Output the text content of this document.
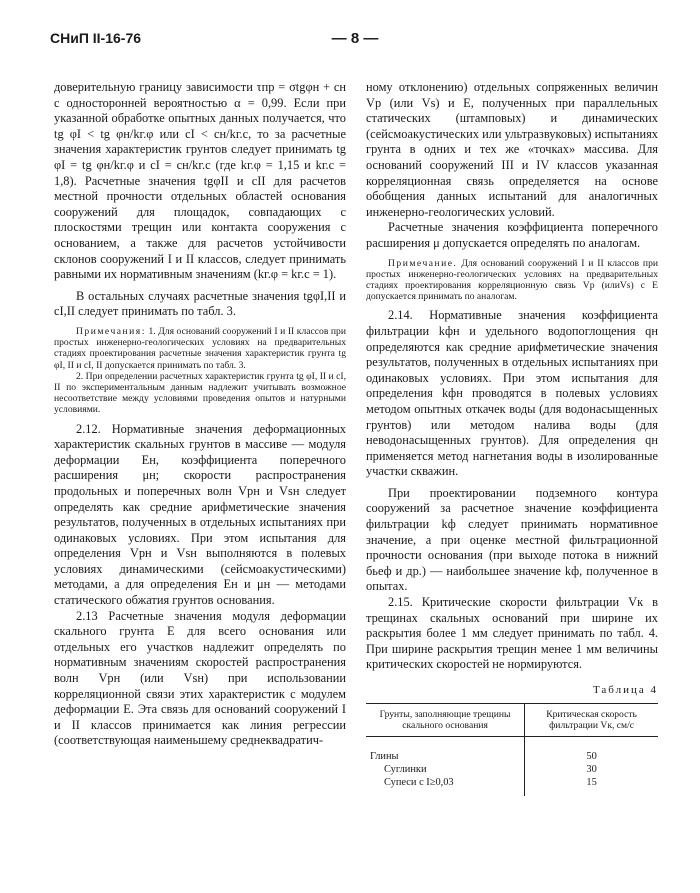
СНиП II-16-76	— 8 —

доверительную границу зависимости τпр = σtgφн + cн с односторонней вероятностью α = 0,99. Если при указанной обработке опытных данных получается, что tg φI < tg φн/kг.φ или cI < cн/kг.c, то за расчетные значения характеристик грунтов следует принимать tg φI = tg φн/kг.φ и cI = cн/kг.c (где kг.φ = 1,15 и kг.c = 1,8). Расчетные значения tgφII и cII для расчетов местной прочности отдельных областей основания сооружений для площадок, совпадающих с плоскостями трещин или контакта сооружения с основанием, а также для расчетов устойчивости склонов сооружений I и II классов, следует принимать равными их нормативным значениям (kг.φ = kг.c = 1).

В остальных случаях расчетные значения tgφI,II и cI,II следует принимать по табл. 3.

Примечания: 1. Для оснований сооружений I и II классов при простых инженерно-геологических условиях на предварительных стадиях проектирования расчетные значения характеристик грунта tg φI, II и cI, II допускается принимать по табл. 3.

2. При определении расчетных характеристик грунта tg φI, II и cI, II по экспериментальным данным надлежит учитывать возможное несоответствие между условиями проведения опытов и натурными условиями.

2.12. Нормативные значения деформационных характеристик скальных грунтов в массиве — модуля деформации Eн, коэффициента поперечного расширения μн; скорости распространения продольных и поперечных волн Vpн и Vsн следует определять как средние арифметические значения результатов, полученных в отдельных испытаниях при одинаковых условиях. При этом испытания для определения Vpн и Vsн выполняются в полевых условиях динамическими (сейсмоакустическими) методами, а для определения Eн и μн — методами статического обжатия грунтов основания.

2.13 Расчетные значения модуля деформации скального грунта E для всего основания или отдельных его участков надлежит определять по нормативным значениям скоростей распространения волн Vpн (или Vsн) при использовании корреляционной связи этих характеристик с модулем деформации E. Эта связь для оснований сооружений I и II классов принимается как линия регрессии (соответствующая наименьшему среднеквадратич-

ному отклонению) отдельных сопряженных величин Vp (или Vs) и E, полученных при параллельных статических (штамповых) и динамических (сейсмоакустических или ультразвуковых) испытаниях грунта в одних и тех же «точках» массива. Для оснований сооружений III и IV классов указанная корреляционная связь определяется на основе обобщения данных испытаний для аналогичных инженерно-геологических условий.

Расчетные значения коэффициента поперечного расширения μ допускается определять по аналогам.

Примечание. Для оснований сооружений I и II классов при простых инженерно-геологических условиях на предварительных стадиях проектирования корреляционную связь Vp (илиVs) с E допускается принимать по аналогам.

2.14. Нормативные значения коэффициента фильтрации kфн и удельного водопоглощения qн определяются как средние арифметические значения результатов, полученных в отдельных испытаниях при одинаковых условиях. При этом испытания для определения kфн проводятся в полевых условиях методом опытных откачек воды (для водонасыщенных грунтов) или методом налива воды (для неводонасыщенных грунтов). Для определения qн применяется метод нагнетания воды в изолированные участки скважин.

При проектировании подземного контура сооружений за расчетное значение коэффициента фильтрации kф следует принимать нормативное значение, а при оценке местной фильтрационной прочности основания (при выходе потока в нижний бьеф и др.) — наибольшее значение kф, полученное в опытах.

2.15. Критические скорости фильтрации Vк в трещинах скальных оснований при ширине их раскрытия более 1 мм следует принимать по табл. 4. При ширине раскрытия трещин менее 1 мм величины критических скоростей не нормируются.

Таблица 4
Грунты, заполняющие трещины скального основания	Критическая скорость фильтрации Vк, см/с
Глины	50
Суглинки	30
Супеси с I≥0,03	15
